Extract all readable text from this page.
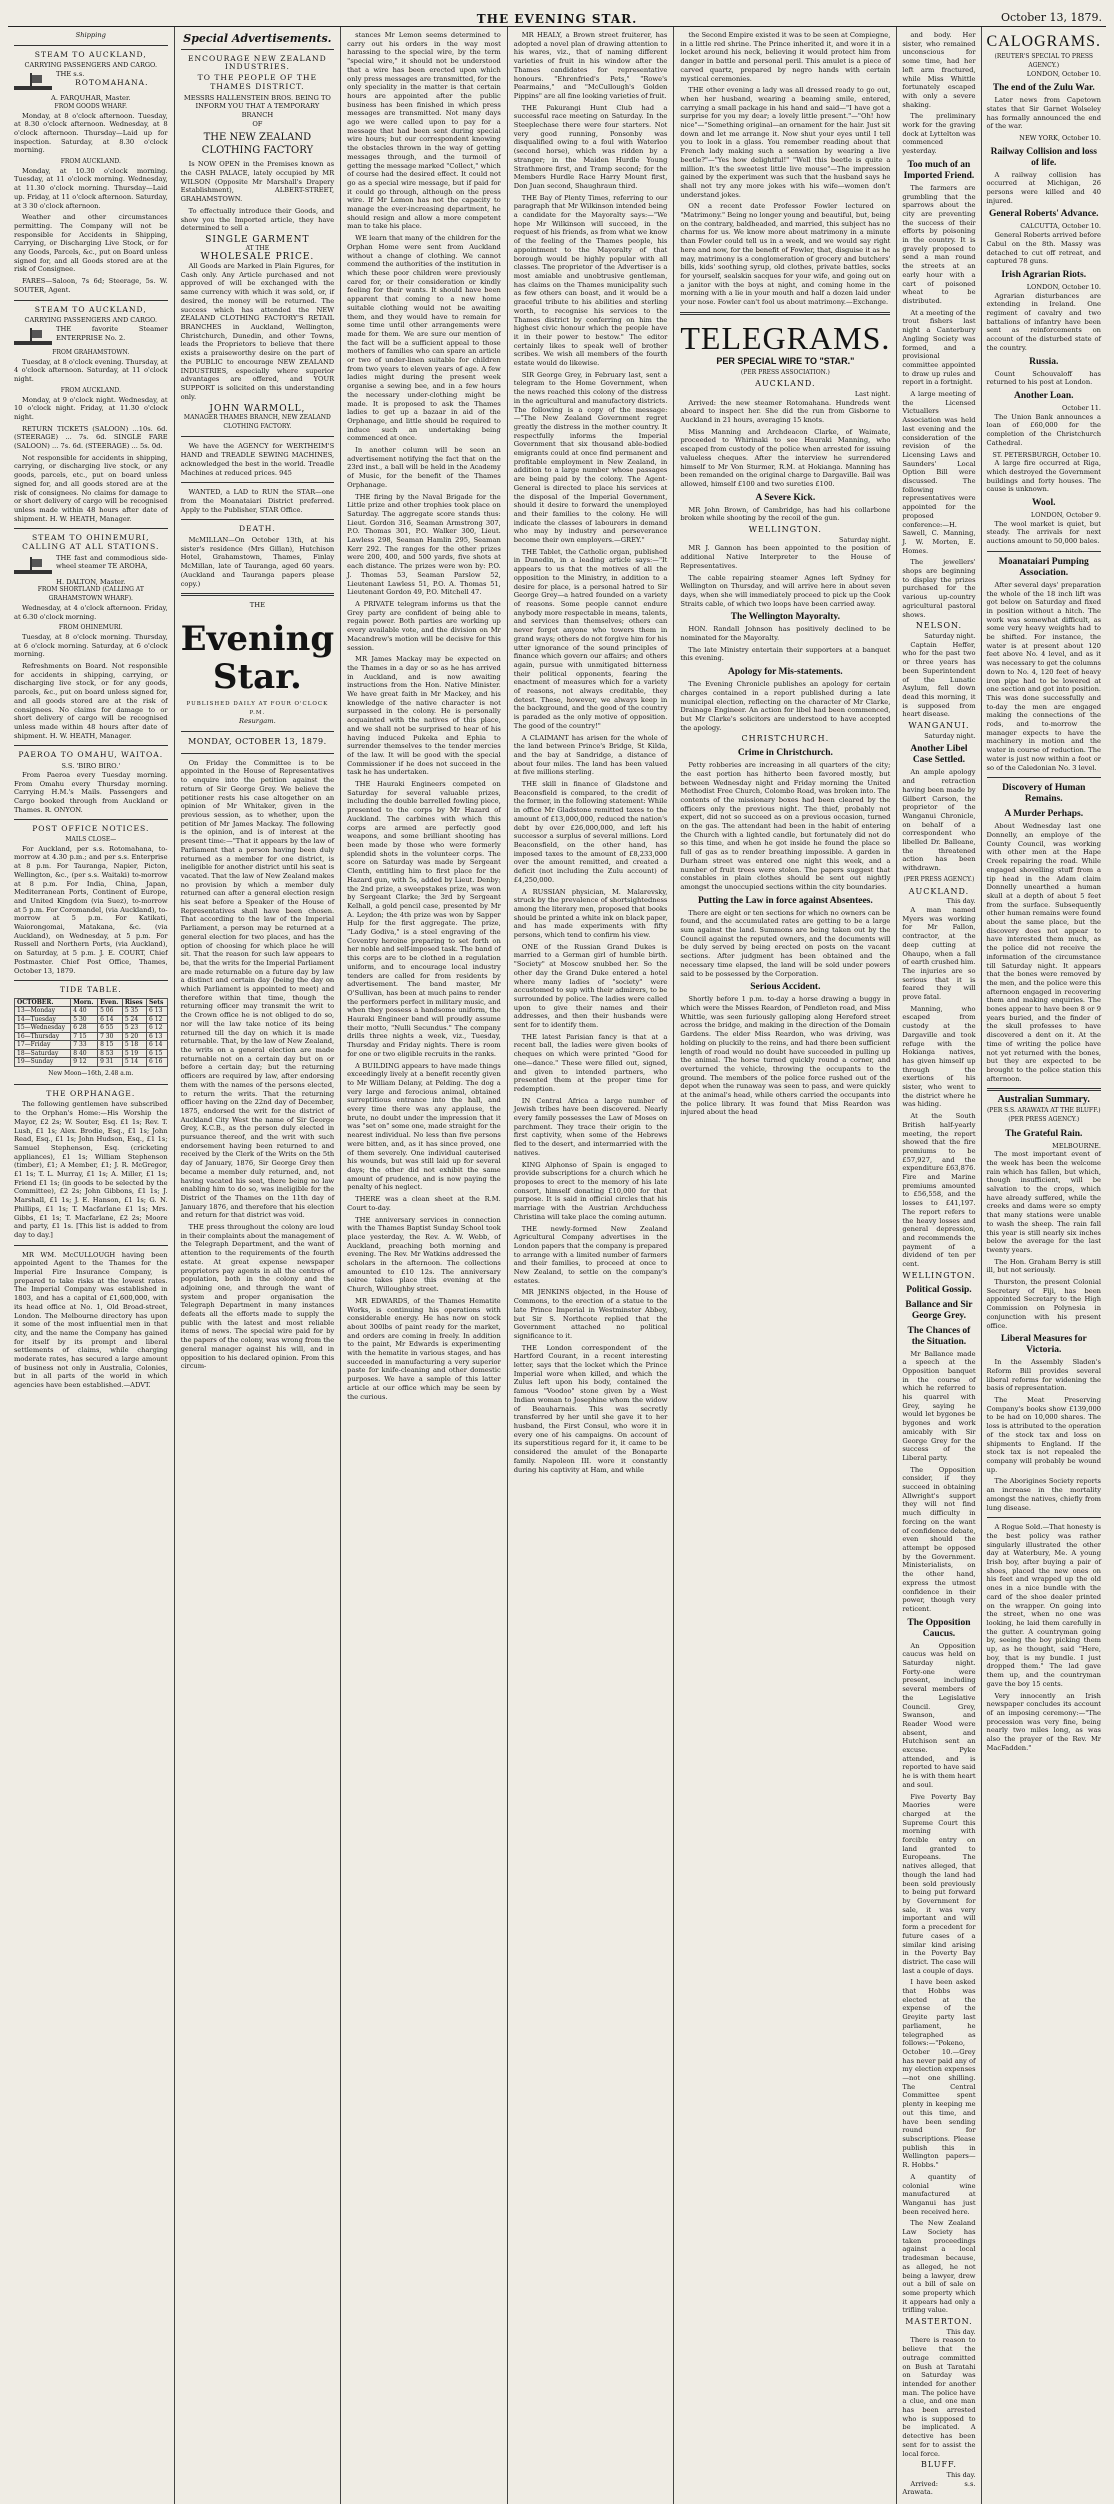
THE EVENING STAR.	October 13, 1879.
Shipping
STEAM TO AUCKLAND,
CARRYING PASSENGERS AND CARGO.
THE s.s.
ROTOMAHANA.
A. FARQUHAR, Master.
FROM GOODS WHARF.

Monday, at 8 o'clock afternoon. Tuesday, at 8.30 o'clock afternoon. Wednesday, at 8 o'clock afternoon. Thursday—Laid up for inspection. Saturday, at 8.30 o'clock morning.

FROM AUCKLAND.

Monday, at 10.30 o'clock morning. Tuesday, at 11 o'clock morning. Wednesday, at 11.30 o'clock morning. Thursday—Laid up. Friday, at 11 o'clock afternoon. Saturday, at 3 30 o'clock afternoon.

Weather and other circumstances permitting. The Company will not be responsible for Accidents in Shipping, Carrying, or Discharging Live Stock, or for any Goods, Parcels, &c., put on Board unless signed for, and all Goods stored are at the risk of Consignee.

FARES—Saloon, 7s 6d; Steerage, 5s. W. SOUTER, Agent.

STEAM TO AUCKLAND,
CARRYING PASSENGERS AND CARGO.
THE favorite Steamer ENTERPRISE No. 2.
FROM GRAHAMSTOWN.

Tuesday, at 8 o'clock evening. Thursday, at 4 o'clock afternoon. Saturday, at 11 o'clock night.

FROM AUCKLAND.

Monday, at 9 o'clock night. Wednesday, at 10 o'clock night. Friday, at 11.30 o'clock night.

RETURN TICKETS (SALOON) ...10s. 6d. (STEERAGE) ... 7s. 6d. SINGLE FARE (SALOON) ... 7s. 6d. (STEERAGE) ... 5s. 0d.

Not responsible for accidents in shipping, carrying, or discharging live stock, or any goods, parcels, etc., put on board unless signed for, and all goods stored are at the risk of consignees. No claims for damage to or short delivery of cargo will be recognised unless made within 48 hours after date of shipment. H. W. HEATH, Manager.

STEAM TO OHINEMURI, CALLING AT ALL STATIONS.
THE fast and commodious side-wheel steamer TE AROHA,
H. DALTON, Master.
FROM SHORTLAND (CALLING AT GRAHAMSTOWN WHARF).

Wednesday, at 4 o'clock afternoon. Friday, at 6.30 o'clock morning.

FROM OHINEMURI.

Tuesday, at 8 o'clock morning. Thursday, at 6 o'clock morning. Saturday, at 6 o'clock morning.

Refreshments on Board. Not responsible for accidents in shipping, carrying, or discharging live stock, or for any goods, parcels, &c., put on board unless signed for, and all goods stored are at the risk of consignees. No claims for damage to or short delivery of cargo will be recognised unless made within 48 hours after date of shipment. H. W. HEATH, Manager.

PAEROA TO OMAHU, WAITOA.
S.S. 'BIRO BIRO.'

From Paeroa every Tuesday morning. From Omahu every Thursday morning. Carrying H.M.'s Mails. Passengers and Cargo booked through from Auckland or Thames. R. ONYON.

POST OFFICE NOTICES.
MAILS CLOSE—

For Auckland, per s.s. Rotomahana, to-morrow at 4.30 p.m.; and per s.s. Enterprise at 8 p.m. For Tauranga, Napier, Picton, Wellington, &c., (per s.s. Waitaki) to-morrow at 8 p.m. For India, China, Japan, Mediterranean Ports, Continent of Europe, and United Kingdom (via Suez), to-morrow at 5 p.m. For Coromandel, (via Auckland), to-morrow at 5 p.m. For Katikati, Waiorongomai, Matakana, &c. (via Auckland), on Wednesday, at 5 p.m. For Russell and Northern Ports, (via Auckland), on Saturday, at 5 p.m. J. E. COURT, Chief Postmaster. Chief Post Office, Thames, October 13, 1879.

TIDE TABLE.
OCTOBER.	Morn.	Even.	Rises	Sets
13—Monday	4 40	5 06	5 35	6 13
14—Tuesday	5 30	6 14	5 24	6 12
15—Wednesday	6 28	6 55	5 23	6 12
16—Thursday	7 15	7 30	5 20	6 13
17—Friday	7 33	8 15	5 18	6 14
18—Saturday	8 40	8 53	5 19	6 15
19—Sunday	9 12	9 31	5 14	6 16
New Moon—16th, 2.48 a.m.
THE ORPHANAGE.

The following gentlemen have subscribed to the Orphan's Home:—His Worship the Mayor, £2 2s; W. Souter, Esq. £1 1s; Rev. T. Lush, £1 1s; Alex. Brodie, Esq., £1 1s; John Read, Esq., £1 1s; John Hudson, Esq., £1 1s; Samuel Stephenson, Esq. (cricketing appliances), £1 1s; William Stephenson (timber), £1; A Member, £1; J. R. McGregor, £1 1s; T. L. Murray, £1 1s; A. Miller, £1 1s; Friend £1 1s; (in goods to be selected by the Committee), £2 2s; John Gibbons, £1 1s; J. Marshall, £1 1s; J. E. Hanson, £1 1s; G. N. Phillips, £1 1s; T. Macfarlane £1 1s; Mrs. Gibbs, £1 1s; T. Macfarlane, £2 2s; Moore and party, £1 1s. [This list is added to from day to day.]

MR WM. McCULLOUGH having been appointed Agent to the Thames for the Imperial Fire Insurance Company, is prepared to take risks at the lowest rates. The Imperial Company was established in 1803, and has a capital of £1,600,000, with its head office at No. 1, Old Broad-street, London. The Melbourne directory has upon it some of the most influential men in that city, and the name the Company has gained for itself by its prompt and liberal settlements of claims, while charging moderate rates, has secured a large amount of business not only in Australia, Colonies, but in all parts of the world in which agencies have been established.—ADVT.

Special Advertisements.
ENCOURAGE NEW ZEALAND INDUSTRIES.
TO THE PEOPLE OF THE THAMES DISTRICT.
MESSRS HALLENSTEIN BROS. BEING TO INFORM YOU THAT A TEMPORARY BRANCH
OF
THE NEW ZEALAND CLOTHING FACTORY

Is NOW OPEN in the Premises known as the CASH PALACE, lately occupied by MR WILSON (Opposite Mr Marshall's Drapery Establishment), ALBERT-STREET, GRAHAMSTOWN.

To effectually introduce their Goods, and show you the Imported article, they have determined to sell a

SINGLE GARMENT
AT THE
WHOLESALE PRICE.

All Goods are Marked in Plain Figures, for Cash only. Any Article purchased and not approved of will be exchanged with the same currency with which it was sold, or, if desired, the money will be returned. The success which has attended the NEW ZEALAND CLOTHING FACTORY'S RETAIL BRANCHES in Auckland, Wellington, Christchurch, Dunedin, and other Towns, leads the Proprietors to believe that there exists a praiseworthy desire on the part of the PUBLIC to encourage NEW ZEALAND INDUSTRIES, especially where superior advantages are offered, and YOUR SUPPORT is solicited on this understanding only.

JOHN WARMOLL,
MANAGER THAMES BRANCH, NEW ZEALAND CLOTHING FACTORY.

We have the AGENCY for WERTHEIM'S HAND and TREADLE SEWING MACHINES, acknowledged the best in the world. Treadle Machines at reduced prices. 945

WANTED, a LAD to RUN the STAR—one from the Moanataiari District preferred. Apply to the Publisher, STAR Office.

DEATH.

McMILLAN—On October 13th, at his sister's residence (Mrs Gillan), Hutchison Hotel, Grahamstown, Thames, Finlay McMillan, late of Tauranga, aged 60 years. (Auckland and Tauranga papers please copy.)

THE
Evening Star.
PUBLISHED DAILY AT FOUR O'CLOCK P.M.
Resurgam.
MONDAY, OCTOBER 13, 1879.

On Friday the Committee is to be appointed in the House of Representatives to enquire into the petition against the return of Sir George Grey. We believe the petitioner rests his case altogether on an opinion of Mr Whitaker, given in the previous session, as to whether, upon the petition of Mr James Mackay. The following is the opinion, and is of interest at the present time:—"That it appears by the law of Parliament that a person having been duly returned as a member for one district, is ineligible for another district until his seat is vacated. That the law of New Zealand makes no provision by which a member duly returned can after a general election resign his seat before a Speaker of the House of Representatives shall have been chosen. That according to the law of the Imperial Parliament, a person may be returned at a general election for two places, and has the option of choosing for which place he will sit. That the reason for such law appears to be, that the writs for the Imperial Parliament are made returnable on a future day by law a distinct and certain day (being the day on which Parliament is appointed to meet) and therefore within that time, though the returning officer may transmit the writ to the Crown office he is not obliged to do so, nor will the law take notice of its being returned till the day on which it is made returnable. That, by the law of New Zealand, the writs on a general election are made returnable not on a certain day but on or before a certain day; but the returning officers are required by law, after endorsing them with the names of the persons elected, to return the writs. That the returning officer having on the 22nd day of December, 1875, endorsed the writ for the district of Auckland City West the name of Sir George Grey, K.C.B., as the person duly elected in pursuance thereof, and the writ with such endorsement having been returned to and received by the Clerk of the Writs on the 5th day of January, 1876, Sir George Grey then became a member duly returned, and, not having vacated his seat, there being no law enabling him to do so, was ineligible for the District of the Thames on the 11th day of January 1876, and therefore that his election and return for that district was void.

THE press throughout the colony are loud in their complaints about the management of the Telegraph Department, and the want of attention to the requirements of the fourth estate. At great expense newspaper proprietors pay agents in all the centres of population, both in the colony and the adjoining one, and through the want of system and proper organisation the Telegraph Department in many instances defeats all the efforts made to supply the public with the latest and most reliable items of news. The special wire paid for by the papers of the colony, was wrong from the general manager against his will, and in opposition to his declared opinion. From this circum-

stances Mr Lemon seems determined to carry out his orders in the way most harassing to the special wire, by the term "special wire," it should not be understood that a wire has been erected upon which only press messages are transmitted, for the only speciality in the matter is that certain hours are appointed after the public business has been finished in which press messages are transmitted. Not many days ago we were called upon to pay for a message that had been sent during special wire hours; but our correspondent knowing the obstacles thrown in the way of getting messages through, and the turmoil of getting the message marked "Collect," which of course had the desired effect. It could not go as a special wire message, but if paid for it could go through, although on the press wire. If Mr Lemon has not the capacity to manage the ever-increasing department, he should resign and allow a more competent man to take his place.

WE learn that many of the children for the Orphan Home were sent from Auckland without a change of clothing. We cannot commend the authorities of the institution in which these poor children were previously cared for, or their consideration or kindly feeling for their wants. It should have been apparent that coming to a new home suitable clothing would not be awaiting them, and they would have to remain for some time until other arrangements were made for them. We are sure our mention of the fact will be a sufficient appeal to those mothers of families who can spare an article or two of under-linen suitable for children from two years to eleven years of age. A few ladies might during the present week organise a sewing bee, and in a few hours the necessary under-clothing might be made. It is proposed to ask the Thames ladies to get up a bazaar in aid of the Orphanage, and little should be required to induce such an undertaking being commenced at once.

In another column will be seen an advertisement notifying the fact that on the 23rd inst., a ball will be held in the Academy of Music, for the benefit of the Thames Orphanage.

THE firing by the Naval Brigade for the Little prize and other trophies took place on Saturday. The aggregate score stands thus: Lieut. Gordon 316, Seaman Armstrong 307, P.O. Thomas 301, P.O. Walker 300, Lieut. Lawless 298, Seaman Hamlin 295, Seaman Kerr 292. The ranges for the other prizes were 200, 400, and 500 yards, five shots at each distance. The prizes were won by: P.O. J. Thomas 53, Seaman Parslow 52, Lieutenant Lawless 51, P.O. A. Thomas 51, Lieutenant Gordon 49, P.O. Mitchell 47.

A PRIVATE telegram informs us that the Grey party are confident of being able to regain power. Both parties are working up every available vote, and the division on Mr Macandrew's motion will be decisive for this session.

MR James Mackay may be expected on the Thames in a day or so as he has arrived in Auckland, and is now awaiting instructions from the Hon. Native Minister. We have great faith in Mr Mackey, and his knowledge of the native character is not surpassed in the colony. He is personally acquainted with the natives of this place, and we shall not be surprised to hear of his having induced Pukeka and Ephia to surrender themselves to the tender mercies of the law. It will be good with the special Commissioner if he does not succeed in the task he has undertaken.

THE Hauraki Engineers competed on Saturday for several valuable prizes, including the double barrelled fowling piece, presented to the corps by Mr Hazard of Auckland. The carbines with which this corps are armed are perfectly good weapons, and some brilliant shooting has been made by those who were formerly splendid shots in the volunteer corps. The score on Saturday was made by Sergeant Clenth, entitling him to first place for the Hazard gun, with 5s, added by Lieut. Denby; the 2nd prize, a sweepstakes prize, was won by Sergeant Clarke; the 3rd by Sergeant Kelhall, a gold pencil case, presented by Mr A. Leydon; the 4th prize was won by Sapper Hulp for the first aggregate. The prize, "Lady Godiva," is a steel engraving of the Coventry heroine preparing to set forth on her noble and self-imposed task. The band of this corps are to be clothed in a regulation uniform, and to encourage local industry tenders are called for from residents by advertisement. The band master, Mr O'Sullivan, has been at much pains to render the performers perfect in military music, and when they possess a handsome uniform, the Hauraki Engineer band will proudly assume their motto, "Nulli Secundus." The company drills three nights a week, viz., Tuesday, Thursday and Friday nights. There is room for one or two eligible recruits in the ranks.

A BUILDING appears to have made things exceedingly lively at a benefit recently given to Mr William Delany, at Pelding. The dog a very large and ferocious animal, obtained surreptitious entrance into the hall, and every time there was any applause, the brute, no doubt under the impression that it was "set on" some one, made straight for the nearest individual. No less than five persons were bitten, and, as it has since proved, one of them severely. One individual cauterised his wounds, but was still laid up for several days; the other did not exhibit the same amount of prudence, and is now paying the penalty of his neglect.

THERE was a clean sheet at the R.M. Court to-day.

THE anniversary services in connection with the Thames Baptist Sunday School took place yesterday, the Rev. A. W. Webb, of Auckland, preaching both morning and evening. The Rev. Mr Watkins addressed the scholars in the afternoon. The collections amounted to £10 12s. The anniversary soiree takes place this evening at the Church, Willoughby street.

MR EDWARDS, of the Thames Hematite Works, is continuing his operations with considerable energy. He has now on stock about 300lbs of paint ready for the market, and orders are coming in freely. In addition to the paint, Mr Edwards is experimenting with the hematite in various stages, and has succeeded in manufacturing a very superior paste for knife-cleaning and other domestic purposes. We have a sample of this latter article at our office which may be seen by the curious.

MR HEALY, a Brown street fruiterer, has adopted a novel plan of drawing attention to his wares, viz., that of naming different varieties of fruit in his window after the Thames candidates for representative honours. "Ehrenfried's Pets," "Rowe's Pearmains," and "McCullough's Golden Pippins" are all fine looking varieties of fruit.

THE Pakurangi Hunt Club had a successful race meeting on Saturday. In the Steeplechase there were four starters. Not very good running, Ponsonby was disqualified owing to a foul with Waterloo (second horse), which was ridden by a stranger; in the Maiden Hurdle Young Strathmore first, and Tramp second; for the Members Hurdle Race Harry Mount first, Don Juan second, Shaughraun third.

THE Bay of Plenty Times, referring to our paragraph that Mr Wilkinson intended being a candidate for the Mayoralty says:—"We hope Mr Wilkinson will succeed, in the request of his friends, as from what we know of the feeling of the Thames people, his appointment to the Mayoralty of that borough would be highly popular with all classes. The proprietor of the Advertiser is a most amiable and unobtrusive gentleman, has claims on the Thames municipality such as few others can boast, and it would be a graceful tribute to his abilities and sterling worth, to recognise his services to the Thames district by conferring on him the highest civic honour which the people have it in their power to bestow." The editor certainly likes to speak well of brother scribes. We wish all members of the fourth estate would do likewise.

SIR George Grey, in February last, sent a telegram to the Home Government, when the news reached this colony of the distress in the agricultural and manufactory districts. The following is a copy of the message:—"The New Zealand Government regret greatly the distress in the mother country. It respectfully informs the Imperial Government that six thousand able-bodied emigrants could at once find permanent and profitable employment in New Zealand, in addition to a large number whose passages are being paid by the colony. The Agent-General is directed to place his services at the disposal of the Imperial Government, should it desire to forward the unemployed and their families to the colony. He will indicate the classes of labourers in demand who may by industry and perseverance become their own employers.—GREY."

THE Tablet, the Catholic organ, published in Dunedin, in a leading article says:—"It appears to us that the motives of all the opposition to the Ministry, in addition to a desire for place, is a personal hatred to Sir George Grey—a hatred founded on a variety of reasons. Some people cannot endure anybody more respectable in means, talents, and services than themselves; others can never forget anyone who towers them in grand ways; others do not forgive him for his utter ignorance of the sound principles of finance which govern our affairs; and others again, pursue with unmitigated bitterness their political opponents, fearing the enactment of measures which for a variety of reasons, not always creditable, they detest. These, however, we always keep in the background, and the good of the country is paraded as the only motive of opposition. The good of the country!"

A CLAIMANT has arisen for the whole of the land between Prince's Bridge, St Kilda, and the bay at Sandridge, a distance of about four miles. The land has been valued at five millions sterling.

THE skill in finance of Gladstone and Beaconsfield is compared, to the credit of the former, in the following statement: While in office Mr Gladstone remitted taxes to the amount of £13,000,000, reduced the nation's debt by over £26,000,000, and left his successor a surplus of several millions. Lord Beaconsfield, on the other hand, has imposed taxes to the amount of £8,233,000 over the amount remitted, and created a deficit (not including the Zulu account) of £4,250,000.

A RUSSIAN physician, M. Malarevsky, struck by the prevalence of shortsightedness among the literary men, proposed that books should be printed a white ink on black paper, and has made experiments with fifty persons, which tend to confirm his view.

ONE of the Russian Grand Dukes is married to a German girl of humble birth. "Society" at Moscow snubbed her. So the other day the Grand Duke entered a hotel where many ladies of "society" were accustomed to sup with their admirers, to be surrounded by police. The ladies were called upon to give their names and their addresses, and then their husbands were sent for to identify them.

THE latest Parisian fancy is that at a recent ball, the ladies were given books of cheques on which were printed "Good for one—dance." These were filled out, signed, and given to intended partners, who presented them at the proper time for redemption.

IN Central Africa a large number of Jewish tribes have been discovered. Nearly every family possesses the Law of Moses on parchment. They trace their origin to the first captivity, when some of the Hebrews fled to the desert, and intermarried with the natives.

KING Alphonso of Spain is engaged to provide subscriptions for a church which he proposes to erect to the memory of his late consort, himself donating £10,000 for that purpose. It is said in official circles that his marriage with the Austrian Archduchess Christina will take place the coming autumn.

THE newly-formed New Zealand Agricultural Company advertises in the London papers that the company is prepared to arrange with a limited number of farmers and their families, to proceed at once to New Zealand, to settle on the company's estates.

MR JENKINS objected, in the House of Commons, to the erection of a statue to the late Prince Imperial in Westminster Abbey, but Sir S. Northcote replied that the Government attached no political significance to it.

THE London correspondent of the Hartford Courant, in a recent interesting letter, says that the locket which the Prince Imperial wore when killed, and which the Zulus left upon his body, contained the famous "Voodoo" stone given by a West Indian woman to Josephine whom the widow of Beauharnais. This was secretly transferred by her until she gave it to her husband, the First Consul, who wore it in every one of his campaigns. On account of its superstitious regard for it, it came to be considered the amulet of the Bonaparte family. Napoleon III. wore it constantly during his captivity at Ham, and while

the Second Empire existed it was to be seen at Compiegne, in a little red shrine. The Prince inherited it, and wore it in a locket around his neck, believing it would protect him from danger in battle and personal peril. This amulet is a piece of carved quartz, prepared by negro hands with certain mystical ceremonies.

THE other evening a lady was all dressed ready to go out, when her husband, wearing a beaming smile, entered, carrying a small package in his hand and said—"I have got a surprise for you my dear; a lovely little present."—"Oh! how nice"—"Something original—an ornament for the hair. Just sit down and let me arrange it. Now shut your eyes until I tell you to look in a glass. You remember reading about that French lady making such a sensation by wearing a live beetle?"—"Yes how delightful!" "Well this beetle is quite a million. It's the sweetest little live mouse"—The impression gained by the experiment was such that the husband says he shall not try any more jokes with his wife—women don't understand jokes.

ON a recent date Professor Fowler lectured on "Matrimony." Being no longer young and beautiful, but, being on the contrary, baldheaded, and married, this subject has no charms for us. We know more about matrimony in a minute than Fowler could tell us in a week, and we would say right here and now, for the benefit of Fowler, that, disguise it as he may, matrimony is a conglomeration of grocery and butchers' bills, kids' soothing syrup, old clothes, private battles, socks for yourself, sealskin sacques for your wife, and going out on a janitor with the boys at night, and coming home in the morning with a lie in your mouth and half a dozen laid under your nose. Fowler can't fool us about matrimony.—Exchange.

TELEGRAMS.
PER SPECIAL WIRE TO "STAR."
(PER PRESS ASSOCIATION.)
AUCKLAND.
Last night.

Arrived: the new steamer Rotomahana. Hundreds went aboard to inspect her. She did the run from Gisborne to Auckland in 21 hours, averaging 15 knots.

Miss Manning and Archdeacon Clarke, of Waimate, proceeded to Whirinaki to see Hauraki Manning, who escaped from custody of the police when arrested for issuing valueless cheques. After the interview he surrendered himself to Mr Von Sturmer, R.M. at Hokianga. Manning has been remanded on the original charge to Dargaville. Bail was allowed, himself £100 and two sureties £100.

A Severe Kick.

MR John Brown, of Cambridge, has had his collarbone broken while shooting by the recoil of the gun.

WELLINGTON.
Saturday night.

MR J. Gannon has been appointed to the position of additional Native Interpreter to the House of Representatives.

The cable repairing steamer Agnes left Sydney for Wellington on Thursday, and will arrive here in about seven days, when she will immediately proceed to pick up the Cook Straits cable, of which two loops have been carried away.

The Wellington Mayoralty.

HON. Randall Johnson has positively declined to be nominated for the Mayoralty.

The late Ministry entertain their supporters at a banquet this evening.

Apology for Mis-statements.

The Evening Chronicle publishes an apology for certain charges contained in a report published during a late municipal election, reflecting on the character of Mr Clarke, Drainage Engineer. An action for libel had been commenced, but Mr Clarke's solicitors are understood to have accepted the apology.

CHRISTCHURCH.
Crime in Christchurch.

Petty robberies are increasing in all quarters of the city; the east portion has hitherto been favored mostly, but between Wednesday night and Friday morning the United Methodist Free Church, Colombo Road, was broken into. The contents of the missionary boxes had been cleared by the officers only the previous night. The thief, probably not expert, did not so succeed as on a previous occasion, turned on the gas. The attendant had been in the habit of entering the Church with a lighted candle, but fortunately did not do so this time, and when he got inside he found the place so full of gas as to render breathing impossible. A garden in Durham street was entered one night this week, and a number of fruit trees were stolen. The papers suggest that constables in plain clothes should be sent out nightly amongst the unoccupied sections within the city boundaries.

Putting the Law in force against Absentees.

There are eight or ten sections for which no owners can be found, and the accumulated rates are getting to be a large sum against the land. Summons are being taken out by the Council against the reputed owners, and the documents will be duly served by being erected on posts on the vacant sections. After judgment has been obtained and the necessary time elapsed, the land will be sold under powers said to be possessed by the Corporation.

Serious Accident.

Shortly before 1 p.m. to-day a horse drawing a buggy in which were the Misses Reardon, of Pendleton road, and Miss Whittle, was seen furiously galloping along Hereford street across the bridge, and making in the direction of the Domain Gardens. The elder Miss Reardon, who was driving, was holding on pluckily to the reins, and had there been sufficient length of road would no doubt have succeeded in pulling up the animal. The horse turned quickly round a corner, and overturned the vehicle, throwing the occupants to the ground. The members of the police force rushed out of the depot when the runaway was seen to pass, and were quickly at the animal's head, while others carried the occupants into the police library. It was found that Miss Reardon was injured about the head

and body. Her sister, who remained unconscious for some time, had her left arm fractured, while Miss Whittle fortunately escaped with only a severe shaking.

The preliminary work for the graving dock at Lyttelton was commenced yesterday.

Too much of an Imported Friend.

The farmers are grumbling that the sparrows about the city are preventing the success of their efforts by poisoning in the country. It is gravely proposed to send a man round the streets at an early hour with a cart of poisoned wheat to be distributed.

At a meeting of the trout fishers last night a Canterbury Angling Society was formed, and a provisional committee appointed to draw up rules and report in a fortnight.

A large meeting of the Licensed Victuallers Association was held last evening and the consideration of the revision of the Licensing Laws and Saunders' Local Option Bill were discussed. The following representatives were appointed for the proposed conference:—H. Sawell, C. Manning, J. W. Morten, E. Homes.

The jewellers' shops are beginning to display the prizes purchased for the various up-country agricultural pastoral shows.

NELSON.
Saturday night.

Captain Heffer, who for the past two or three years has been Superintendent of the Lunatic Asylum, fell down dead this morning, it is supposed from heart disease.

WANGANUI.
Saturday night.
Another Libel Case Settled.

An ample apology and retraction having been made by Gilbert Carson, the proprietor of the Wanganui Chronicle, on behalf of a correspondent who libelled Dr. Balleane, the threatened action has been withdrawn.

(PER PRESS AGENCY.)
AUCKLAND.
This day.

A man named Myers was working for Mr Fallon, contractor, at the deep cutting at Ohaupo, when a fall of earth crushed him. The injuries are so serious that it is feared they will prove fatal.

Manning, who escaped from custody at the Dargaville and took refuge with the Hokianga natives, has given himself up through the exertions of his sister, who went to the district where he was hiding.

At the South British half-yearly meeting, the report showed that the fire premiums to be £57,927, and the expenditure £63,876. Fire and Marine premiums amounted to £56,558, and the losses to £41,197. The report refers to the heavy losses and general depression, and recommends the payment of a dividend of ten per cent.

WELLINGTON.
Political Gossip.
Ballance and Sir George Grey.
The Chances of the Situation.

Mr Ballance made a speech at the Opposition banquet in the course of which he referred to his quarrel with Grey, saying he would let bygones be bygones and work amicably with Sir George Grey for the success of the Liberal party.

The Opposition consider, if they succeed in obtaining Allwright's support they will not find much difficulty in forcing on the want of confidence debate, even should the attempt be opposed by the Government. Ministerialists, on the other hand, express the utmost confidence in their power, though very reticent.

The Opposition Caucus.

An Opposition caucus was held on Saturday night. Forty-one were present, including several members of the Legislative Council. Grey, Swanson, and Reader Wood were absent, and Hutchison sent an excuse. Pyke attended, and is reported to have said he is with them heart and soul.

Five Poverty Bay Maories were charged at the Supreme Court this morning with forcible entry on land granted to Europeans. The natives alleged, that though the land had been sold previously to being put forward by Government for sale, it was very important and will form a precedent for future cases of a similar kind arising in the Poverty Bay district. The case will last a couple of days.

I have been asked that Hobbs was elected at the expense of the Greyite party last parliament, he telegraphed as follows:—"Pokeno, October 10.—Grey has never paid any of my election expenses—not one shilling. The Central Committee spent plenty in keeping me out this time, and have been sending round for subscriptions. Please publish this in Wellington papers—R. Hobbs."

A quantity of colonial wine manufactured at Wanganui has just been received here.

The New Zealand Law Society has taken proceedings against a local tradesman because, as alleged, he not being a lawyer, drew out a bill of sale on some property which it appears had only a trifling value.

MASTERTON.
This day.

There is reason to believe that the outrage committed on Bush at Taratahi on Saturday was intended for another man. The police have a clue, and one man has been arrested who is supposed to be implicated. A detective has been sent for to assist the local force.

BLUFF.
This day.

Arrived: s.s. Arawata.

CALOGRAMS.
(REUTER'S SPECIAL TO PRESS AGENCY.)
LONDON, October 10.
The end of the Zulu War.

Later news from Capetown states that Sir Garnet Wolseley has formally announced the end of the war.

NEW YORK, October 10.
Railway Collision and loss of life.

A railway collision has occurred at Michigan, 26 persons were killed and 40 injured.

General Roberts' Advance.
CALCUTTA, October 10.

General Roberts arrived before Cabul on the 8th. Massy was detached to cut off retreat, and captured 78 guns.

Irish Agrarian Riots.
LONDON, October 10.

Agrarian disturbances are extending in Ireland. One regiment of cavalry and two battalions of infantry have been sent as reinforcements on account of the disturbed state of the country.

Russia.

Count Schouvaloff has returned to his post at London.

Another Loan.
October 11.

The Union Bank announces a loan of £60,000 for the completion of the Christchurch Cathedral.

ST. PETERSBURGH, October 10.

A large fire occurred at Riga, which destroyed the Government buildings and forty houses. The cause is unknown.

Wool.
LONDON, October 9.

The wool market is quiet, but steady. The arrivals for next auctions amount to 50,000 bales.

Moanataiari Pumping Association.

After several days' preparation the whole of the 18 inch lift was got below on Saturday and fixed in position without a hitch. The work was somewhat difficult, as some very heavy weights had to be shifted. For instance, the water is at present about 120 feet above No. 4 level, and as it was necessary to get the columns down to No. 4, 120 feet of heavy iron pipe had to be lowered at one section and got into position. This was done successfully and to-day the men are engaged making the connections of the rods, and to-morrow the manager expects to have the machinery in motion and the water in course of reduction. The water is just now within a foot or so of the Caledonian No. 3 level.

Discovery of Human Remains.
A Murder Perhaps.

About Wednesday last one Donnelly, an employe of the County Council, was working with other men at the Hape Creek repairing the road. While engaged shovelling stuff from a tip head in the Adam claim Donnelly unearthed a human skull at a depth of about 5 feet from the surface. Subsequently other human remains were found about the same place, but the discovery does not appear to have interested them much, as the police did not receive the information of the circumstance till Saturday night. It appears that the bones were removed by the men, and the police were this afternoon engaged in recovering them and making enquiries. The bones appear to have been 8 or 9 years buried, and the finder of the skull professes to have discovered a dent on it. At the time of writing the police have not yet returned with the bones, but they are expected to be brought to the police station this afternoon.

Australian Summary.
(PER S.S. ARAWATA AT THE BLUFF.)
(PER PRESS AGENCY.)
The Grateful Rain.
MELBOURNE.

The most important event of the week has been the welcome rain which has fallen, but which, though insufficient, will be salvation to the crops, which have already suffered, while the creeks and dams were so empty that many stations were unable to wash the sheep. The rain fall this year is still nearly six inches below the average for the last twenty years.

The Hon. Graham Berry is still ill, but not seriously.

Thurston, the present Colonial Secretary of Fiji, has been appointed Secretary to the High Commission on Polynesia in conjunction with his present office.

Liberal Measures for Victoria.

In the Assembly Sladen's Reform Bill provides several liberal reforms for widening the basis of representation.

The Meat Preserving Company's books show £139,000 to be had on 10,000 shares. The loss is attributed to the operation of the stock tax and loss on shipments to England. If the stock tax is not repealed the company will probably be wound up.

The Aborigines Society reports an increase in the mortality amongst the natives, chiefly from lung disease.

A Rogue Sold.—That honesty is the best policy was rather singularly illustrated the other day at Waterbury, Me. A young Irish boy, after buying a pair of shoes, placed the new ones on his feet and wrapped up the old ones in a nice bundle with the card of the shoe dealer printed on the wrapper. On going into the street, when no one was looking, he laid them carefully in the gutter. A countryman going by, seeing the boy picking them up, as he thought, said "Here, boy, that is my bundle. I just dropped them." The lad gave them up, and the countryman gave the boy 15 cents.

Very innocently an Irish newspaper concludes its account of an imposing ceremony:—"The procession was very fine, being nearly two miles long, as was also the prayer of the Rev. Mr MacFadden."
